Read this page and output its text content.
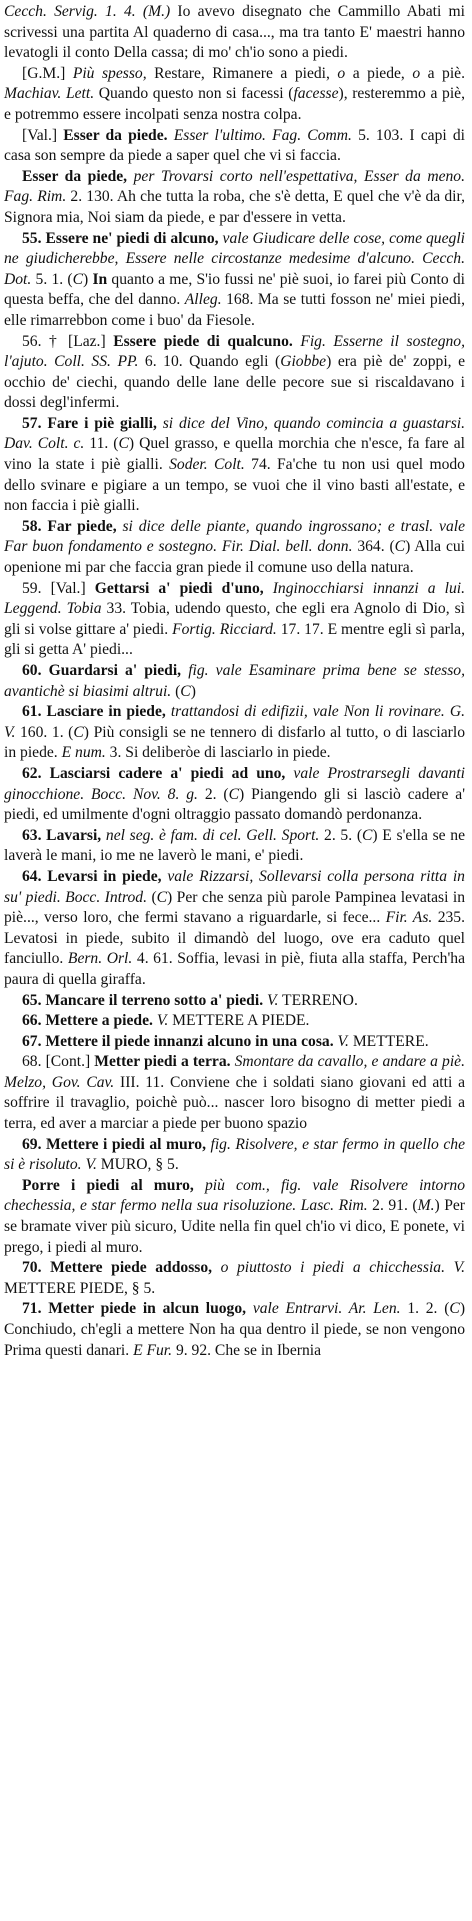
Cecch. Servig. 1. 4. (M.) Io avevo disegnato che Cammillo Abati mi scrivessi una partita Al quaderno di casa..., ma tra tanto E' maestri hanno levatogli il conto Della cassa; di mo' ch'io sono a piedi.

[G.M.] Più spesso, Restare, Rimanere a piedi, o a piede, o a piè. Machiav. Lett. Quando questo non si facessi (facesse), resteremmo a piè, e potremmo essere incolpati senza nostra colpa.

[Val.] Esser da piede. Esser l'ultimo. Fag. Comm. 5. 103. I capi di casa son sempre da piede a saper quel che vi si faccia.

Esser da piede, per Trovarsi corto nell'espettativa, Esser da meno. Fag. Rim. 2. 130. Ah che tutta la roba, che s'è detta, E quel che v'è da dir, Signora mia, Noi siam da piede, e par d'essere in vetta.

55. Essere ne' piedi di alcuno, vale Giudicare delle cose, come quegli ne giudicherebbe, Essere nelle circostanze medesime d'alcuno. Cecch. Dot. 5. 1. (C) In quanto a me, S'io fussi ne' piè suoi, io farei più Conto di questa beffa, che del danno. Alleg. 168. Ma se tutti fosson ne' miei piedi, elle rimarrebbon come i buo' da Fiesole.

56. † [Laz.] Essere piede di qualcuno. Fig. Esserne il sostegno, l'ajuto. Coll. SS. PP. 6. 10. Quando egli (Giobbe) era piè de' zoppi, e occhio de' ciechi, quando delle lane delle pecore sue si riscaldavano i dossi degl'infermi.

57. Fare i piè gialli, si dice del Vino, quando comincia a guastarsi. Dav. Colt. c. 11. (C) Quel grasso, e quella morchia che n'esce, fa fare al vino la state i piè gialli. Soder. Colt. 74. Fa'che tu non usi quel modo dello svinare e pigiare a un tempo, se vuoi che il vino basti all'estate, e non faccia i piè gialli.

58. Far piede, si dice delle piante, quando ingrossano; e trasl. vale Far buon fondamento e sostegno. Fir. Dial. bell. donn. 364. (C) Alla cui openione mi par che faccia gran piede il comune uso della natura.

59. [Val.] Gettarsi a' piedi d'uno, Inginocchiarsi innanzi a lui. Leggend. Tobia 33. Tobia, udendo questo, che egli era Agnolo di Dio, sì gli si volse gittare a' piedi. Fortig. Ricciard. 17. 17. E mentre egli sì parla, gli si getta A' piedi...

60. Guardarsi a' piedi, fig. vale Esaminare prima bene se stesso, avantichè si biasimi altrui. (C)

61. Lasciare in piede, trattandosi di edifizii, vale Non li rovinare. G. V. 160. 1. (C) Più consigli se ne tennero di disfarlo al tutto, o di lasciarlo in piede. E num. 3. Si deliberòe di lasciarlo in piede.

62. Lasciarsi cadere a' piedi ad uno, vale Prostrarsegli davanti ginocchione. Bocc. Nov. 8. g. 2. (C) Piangendo gli si lasciò cadere a' piedi, ed umilmente d'ogni oltraggio passato domandò perdonanza.

63. Lavarsi, nel seg. è fam. di cel. Gell. Sport. 2. 5. (C) E s'ella se ne laverà le mani, io me ne laverò le mani, e' piedi.

64. Levarsi in piede, vale Rizzarsi, Sollevarsi colla persona ritta in su' piedi. Bocc. Introd. (C) Per che senza più parole Pampinea levatasi in piè..., verso loro, che fermi stavano a riguardarle, si fece... Fir. As. 235. Levatosi in piede, subito il dimandò del luogo, ove era caduto quel fanciullo. Bern. Orl. 4. 61. Soffia, levasi in piè, fiuta alla staffa, Perch'ha paura di quella giraffa.

65. Mancare il terreno sotto a' piedi. V. TERRENO.

66. Mettere a piede. V. METTERE A PIEDE.

67. Mettere il piede innanzi alcuno in una cosa. V. METTERE.

68. [Cont.] Metter piedi a terra. Smontare da cavallo, e andare a piè. Melzo, Gov. Cav. III. 11. Conviene che i soldati siano giovani ed atti a soffrire il travaglio, poichè può... nascer loro bisogno di metter piedi a terra, ed aver a marciar a piede per buono spazio

69. Mettere i piedi al muro, fig. Risolvere, e star fermo in quello che si è risoluto. V. MURO, § 5.

Porre i piedi al muro, più com., fig. vale Risolvere intorno chechessia, e star fermo nella sua risoluzione. Lasc. Rim. 2. 91. (M.) Per se bramate viver più sicuro, Udite nella fin quel ch'io vi dico, E ponete, vi prego, i piedi al muro.

70. Mettere piede addosso, o piuttosto i piedi a chicchessia. V. METTERE PIEDE, § 5.

71. Metter piede in alcun luogo, vale Entrarvi. Ar. Len. 1. 2. (C) Conchiudo, ch'egli a mettere Non ha qua dentro il piede, se non vengono Prima questi danari. E Fur. 9. 92. Che se in Ibernia
